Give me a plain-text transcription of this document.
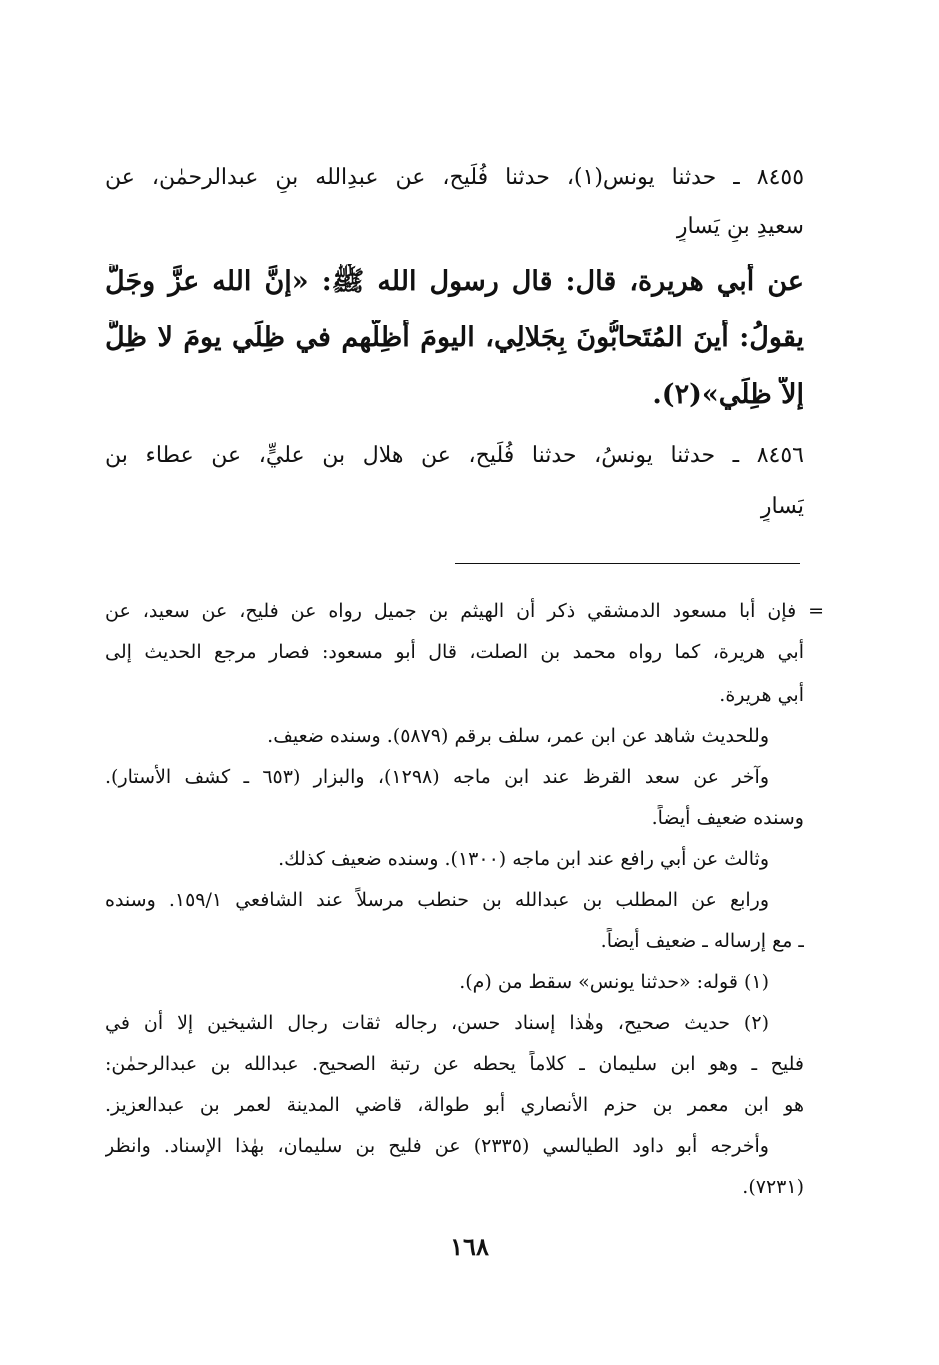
٨٤٥٥ ـ حدثنا يونس(١)، حدثنا فُلَيح، عن عبدِالله بنِ عبدالرحمٰن، عن
سعيدِ بنِ يَسارٍ
عن أبي هريرة، قال: قال رسول الله ﷺ: «إنَّ الله عزَّ وجَلَّ
يقولُ: أينَ المُتَحابُّونَ بِجَلالِي، اليومَ أُظِلُّهم في ظِلِّي يومَ لا ظِلَّ
إلاَّ ظِلِّي»(٢).
٨٤٥٦ ـ حدثنا يونسُ، حدثنا فُلَيح، عن هلال بن عليٍّ، عن عطاء بن
يَسارٍ
= فإن أبا مسعود الدمشقي ذكر أن الهيثم بن جميل رواه عن فليح، عن سعيد، عن
أبي هريرة، كما رواه محمد بن الصلت، قال أبو مسعود: فصار مرجع الحديث إلى
أبي هريرة.
وللحديث شاهد عن ابن عمر، سلف برقم (٥٨٧٩). وسنده ضعيف.
وآخر عن سعد القرظ عند ابن ماجه (١٢٩٨)، والبزار (٦٥٣ ـ كشف الأستار).
وسنده ضعيف أيضاً.
وثالث عن أبي رافع عند ابن ماجه (١٣٠٠). وسنده ضعيف كذلك.
ورابع عن المطلب بن عبدالله بن حنطب مرسلاً عند الشافعي ١٥٩/١. وسنده
ـ مع إرساله ـ ضعيف أيضاً.
(١) قوله: «حدثنا يونس» سقط من (م).
(٢) حديث صحيح، وهٰذا إسناد حسن، رجاله ثقات رجال الشيخين إلا أن في
فليح ـ وهو ابن سليمان ـ كلاماً يحطه عن رتبة الصحيح. عبدالله بن عبدالرحمٰن:
هو ابن معمر بن حزم الأنصاري أبو طوالة، قاضي المدينة لعمر بن عبدالعزيز.
وأخرجه أبو داود الطيالسي (٢٣٣٥) عن فليح بن سليمان، بهٰذا الإسناد. وانظر
(٧٢٣١).
١٦٨
